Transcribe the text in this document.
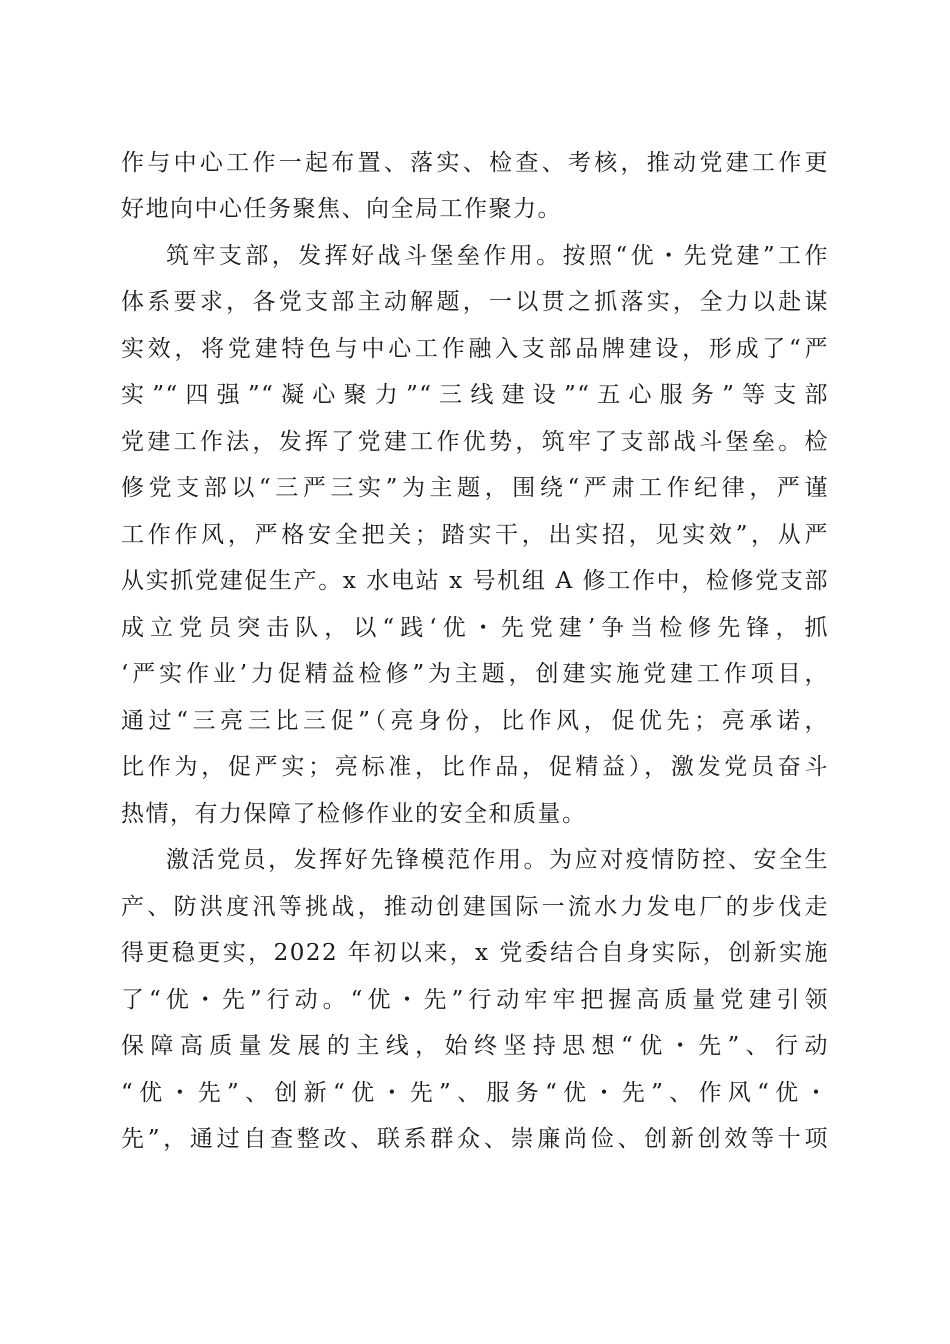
作与中心工作一起布置、落实、检查、考核，推动党建工作更

好地向中心任务聚焦、向全局工作聚力。

筑牢支部，发挥好战斗堡垒作用。按照“优・先党建”工作

体系要求，各党支部主动解题，一以贯之抓落实，全力以赴谋

实效，将党建特色与中心工作融入支部品牌建设，形成了“严

实”“四强”“凝心聚力”“三线建设”“五心服务”等支部

党建工作法，发挥了党建工作优势，筑牢了支部战斗堡垒。检

修党支部以“三严三实”为主题，围绕“严肃工作纪律，严谨

工作作风，严格安全把关；踏实干，出实招，见实效”，从严

从实抓党建促生产。x 水电站 x 号机组 A 修工作中，检修党支部

成立党员突击队，以“践‘优・先党建’争当检修先锋，抓

‘严实作业’力促精益检修”为主题，创建实施党建工作项目，

通过“三亮三比三促”（亮身份，比作风，促优先；亮承诺，

比作为，促严实；亮标准，比作品，促精益），激发党员奋斗

热情，有力保障了检修作业的安全和质量。

激活党员，发挥好先锋模范作用。为应对疫情防控、安全生

产、防洪度汛等挑战，推动创建国际一流水力发电厂的步伐走

得更稳更实，2022 年初以来，x 党委结合自身实际，创新实施

了“优・先”行动。“优・先”行动牢牢把握高质量党建引领

保障高质量发展的主线，始终坚持思想“优・先”、行动

“优・先”、创新“优・先”、服务“优・先”、作风“优・

先”，通过自查整改、联系群众、崇廉尚俭、创新创效等十项
